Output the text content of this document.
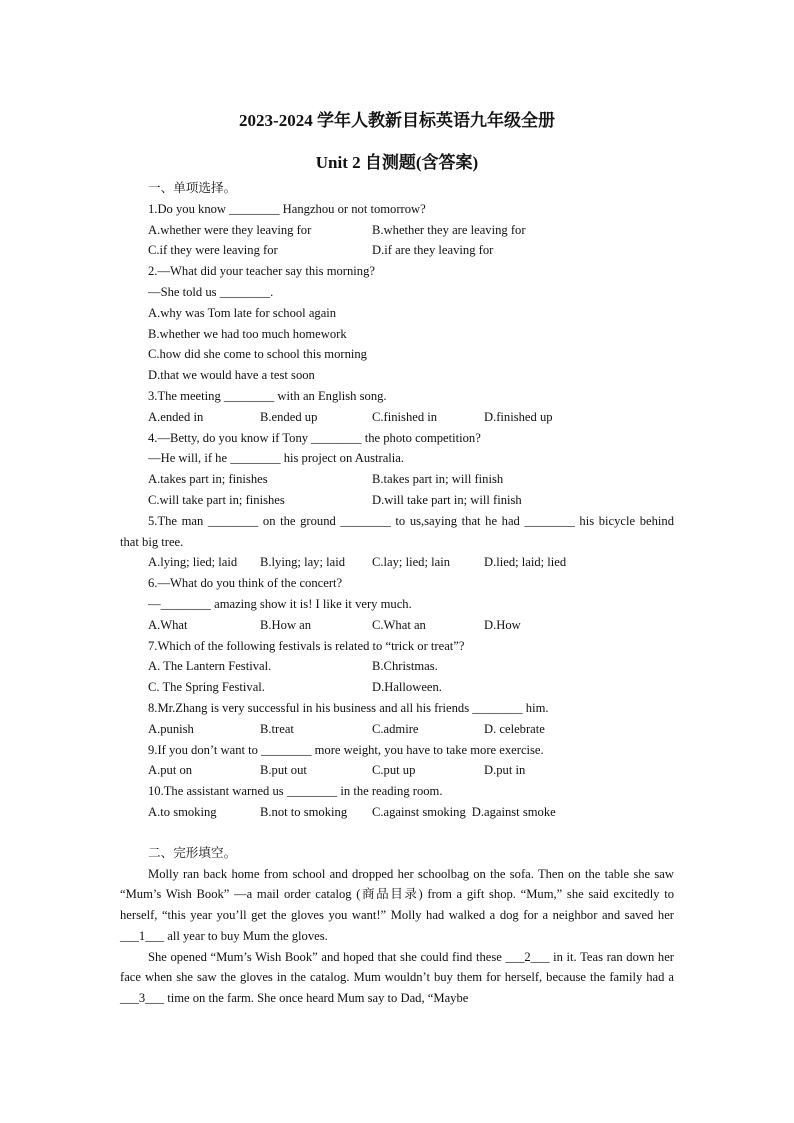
2023-2024 学年人教新目标英语九年级全册
Unit 2 自测题(含答案)
一、单项选择。
1.Do you know ________ Hangzhou or not tomorrow?
A.whether were they leaving for	B.whether they are leaving for
C.if they were leaving for	D.if are they leaving for
2.—What did your teacher say this morning?
—She told us ________.
A.why was Tom late for school again
B.whether we had too much homework
C.how did she come to school this morning
D.that we would have a test soon
3.The meeting ________ with an English song.
A.ended in	B.ended up	C.finished in	D.finished up
4.—Betty, do you know if Tony ________ the photo competition?
—He will, if he ________ his project on Australia.
A.takes part in; finishes	B.takes part in; will finish
C.will take part in; finishes	D.will take part in; will finish
5.The man ________ on the ground ________ to us,saying that he had ________ his bicycle behind that big tree.
A.lying; lied; laid	B.lying; lay; laid	C.lay; lied; lain	D.lied; laid; lied
6.—What do you think of the concert?
—________ amazing show it is! I like it very much.
A.What	B.How an	C.What an	D.How
7.Which of the following festivals is related to “trick or treat”?
A. The Lantern Festival.	B.Christmas.
C. The Spring Festival.	D.Halloween.
8.Mr.Zhang is very successful in his business and all his friends ________ him.
A.punish	B.treat	C.admire	D. celebrate
9.If you don’t want to ________ more weight, you have to take more exercise.
A.put on	B.put out	C.put up	D.put in
10.The assistant warned us ________ in the reading room.
A.to smoking	B.not to smoking	C.against smoking D.against smoke
二、完形填空。
Molly ran back home from school and dropped her schoolbag on the sofa. Then on the table she saw “Mum’s Wish Book” —a mail order catalog (商品目录) from a gift shop. “Mum,” she said excitedly to herself, “this year you’ll get the gloves you want!” Molly had walked a dog for a neighbor and saved her ___1___ all year to buy Mum the gloves.
She opened “Mum’s Wish Book” and hoped that she could find these ___2___ in it. Teas ran down her face when she saw the gloves in the catalog. Mum wouldn’t buy them for herself, because the family had a ___3___ time on the farm. She once heard Mum say to Dad, “Maybe
